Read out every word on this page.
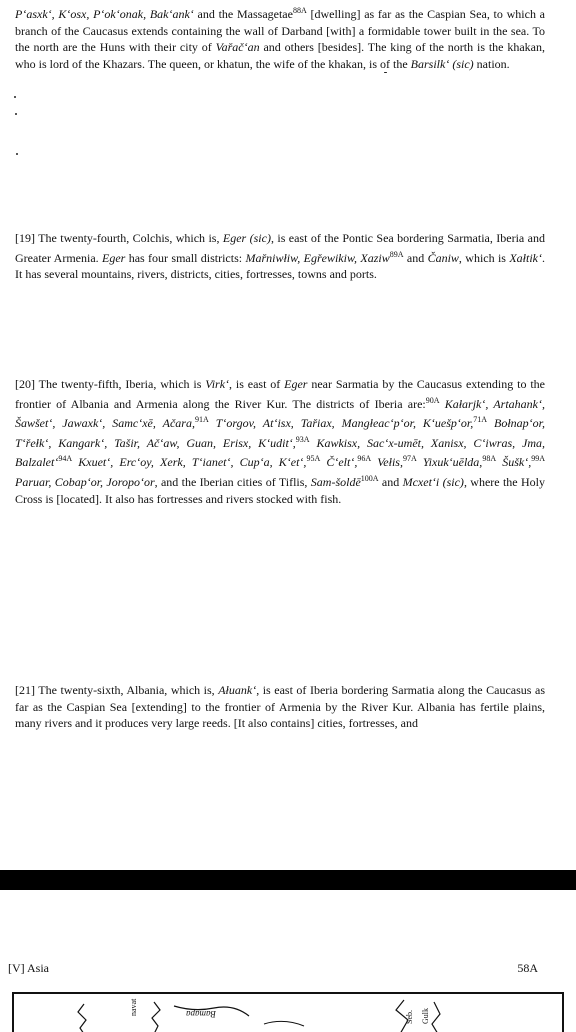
P‘asxk‘, K‘osx, P‘ok‘onak, Bak‘ank‘ and the Massagetae$^{88A}$ [dwelling] as far as the Caspian Sea, to which a branch of the Caucasus extends containing the wall of Darband [with] a formidable tower built in the sea. To the north are the Huns with their city of Vařač‘an and others [besides]. The king of the north is the khakan, who is lord of the Khazars. The queen, or khatun, the wife of the khakan, is of the Barsilk‘ (sic) nation.

[19] The twenty-fourth, Colchis, which is, Eger (sic), is east of the Pontic Sea bordering Sarmatia, Iberia and Greater Armenia. Eger has four small districts: Mařniwłiw, Egřewikiw, Xaziw$^{89A}$ and Čaniw, which is Xałtik‘. It has several mountains, rivers, districts, cities, fortresses, towns and ports.

[20] The twenty-fifth, Iberia, which is Virk‘, is east of Eger near Sarmatia by the Caucasus extending to the frontier of Albania and Armenia along the River Kur. The districts of Iberia are:$^{90A}$ Kałarjk‘, Artahank‘, Šawšet‘, Jawaxk‘, Samc‘xē, Ačara,$^{91A}$ T‘orgov, At‘isx, Tařiax, Mangłeac‘p‘or, K‘uešp‘or,$^{71A}$ Bołnap‘or, T‘řełk‘, Kangark‘, Tašir, Ač‘aw, Guan, Erisx, K‘udit‘,$^{93A}$ Kawkisx, Sac‘x-umēt, Xanisx, C‘iwras, Jma, Balzalet‘$^{94A}$ Kxuet‘, Erc‘oy, Xerk, T‘ianet‘, Cup‘a, K‘et‘,$^{95A}$ Č‘elt‘,$^{96A}$ Vełis,$^{97A}$ Yixuk‘uēlda,$^{98A}$ Šušk‘,$^{99A}$ Paruar, Cobap‘or, Joropo‘or, and the Iberian cities of Tiflis, Sam-šoldē$^{100A}$ and Mcxet‘i (sic), where the Holy Cross is [located]. It also has fortresses and rivers stocked with fish.

[21] The twenty-sixth, Albania, which is, Ałuank‘, is east of Iberia bordering Sarmatia along the Caucasus as far as the Caspian Sea [extending] to the frontier of Armenia by the River Kur. Albania has fertile plains, many rivers and it produces very large reeds. [It also contains] cities, fortresses, and

[V] Asia	58A
navat	Bamapa	Seb. Gulk
